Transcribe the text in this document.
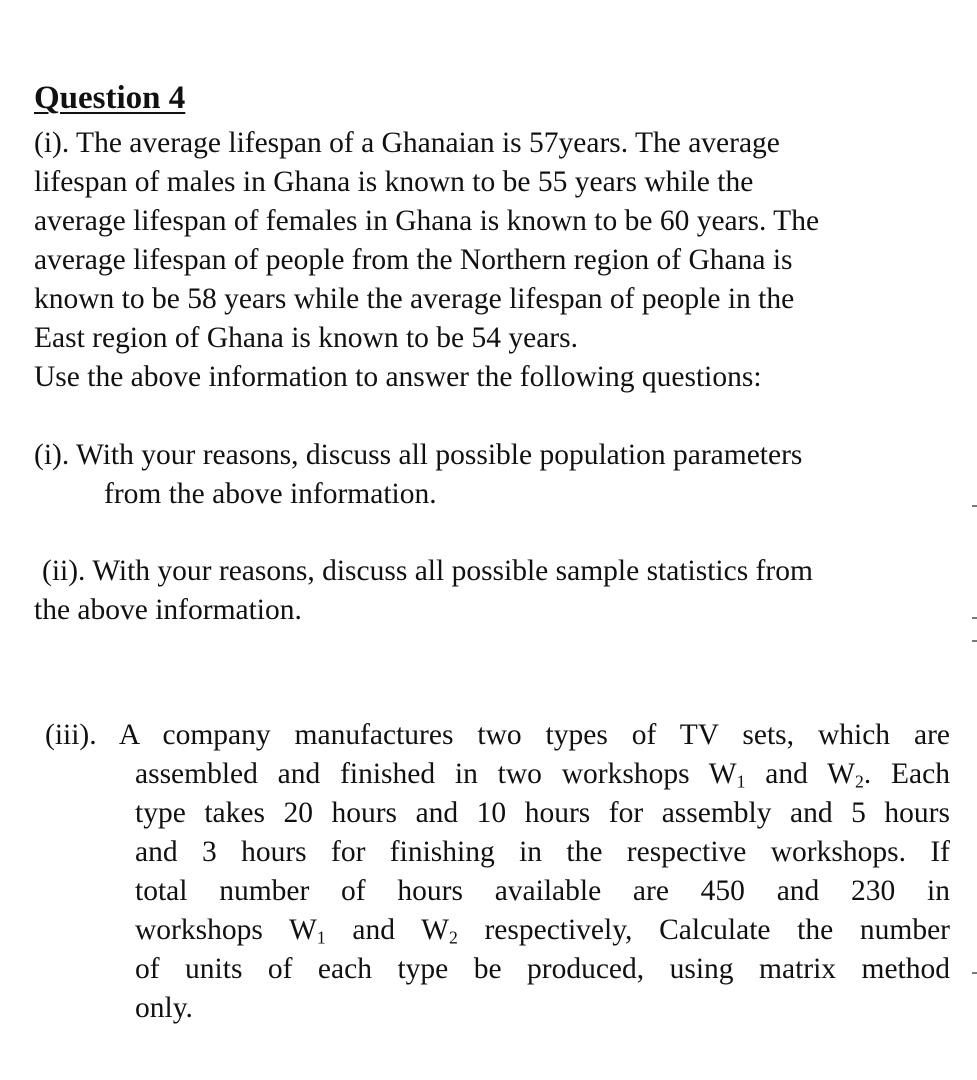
Question 4
(i). The average lifespan of a Ghanaian is 57years. The average
lifespan of males in Ghana is known to be 55 years while the
average lifespan of females in Ghana is known to be 60 years. The
average lifespan of people from the Northern region of Ghana is
known to be 58 years while the average lifespan of people in the
East region of Ghana is known to be 54 years.
Use the above information to answer the following questions:
(i). With your reasons, discuss all possible population parameters
from the above information.
(ii). With your reasons, discuss all possible sample statistics from
the above information.
(iii). A company manufactures two types of TV sets, which are
assembled and finished in two workshops $W_1$ and $W_2$. Each
type takes 20 hours and 10 hours for assembly and 5 hours
and 3 hours for finishing in the respective workshops. If
total number of hours available are 450 and 230 in
workshops $W_1$ and $W_2$ respectively, Calculate the number
of units of each type be produced, using matrix method
only.
